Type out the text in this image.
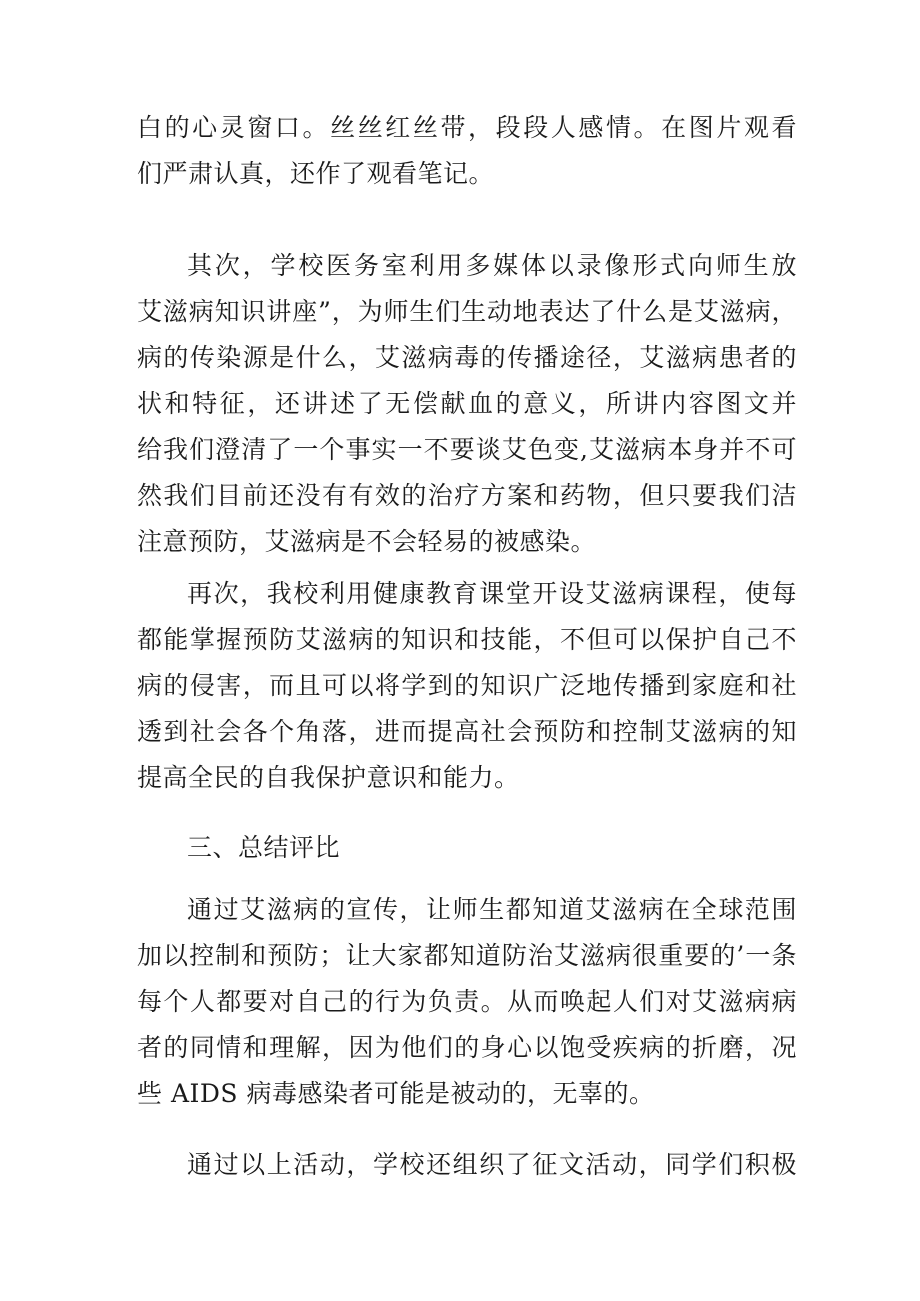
白的心灵窗口。丝丝红丝带，段段人感情。在图片观看
们严肃认真，还作了观看笔记。

其次，学校医务室利用多媒体以录像形式向师生放
艾滋病知识讲座”，为师生们生动地表达了什么是艾滋病，
病的传染源是什么，艾滋病毒的传播途径，艾滋病患者的
状和特征，还讲述了无偿献血的意义，所讲内容图文并
给我们澄清了一个事实一不要谈艾色变,艾滋病本身并不可
然我们目前还没有有效的治疗方案和药物，但只要我们洁
注意预防，艾滋病是不会轻易的被感染。

再次，我校利用健康教育课堂开设艾滋病课程，使每
都能掌握预防艾滋病的知识和技能，不但可以保护自己不
病的侵害，而且可以将学到的知识广泛地传播到家庭和社
透到社会各个角落，进而提高社会预防和控制艾滋病的知
提高全民的自我保护意识和能力。

三、总结评比

通过艾滋病的宣传，让师生都知道艾滋病在全球范围
加以控制和预防；让大家都知道防治艾滋病很重要的’一条
每个人都要对自己的行为负责。从而唤起人们对艾滋病病
者的同情和理解，因为他们的身心以饱受疾病的折磨，况
些 AIDS 病毒感染者可能是被动的，无辜的。

通过以上活动，学校还组织了征文活动，同学们积极
